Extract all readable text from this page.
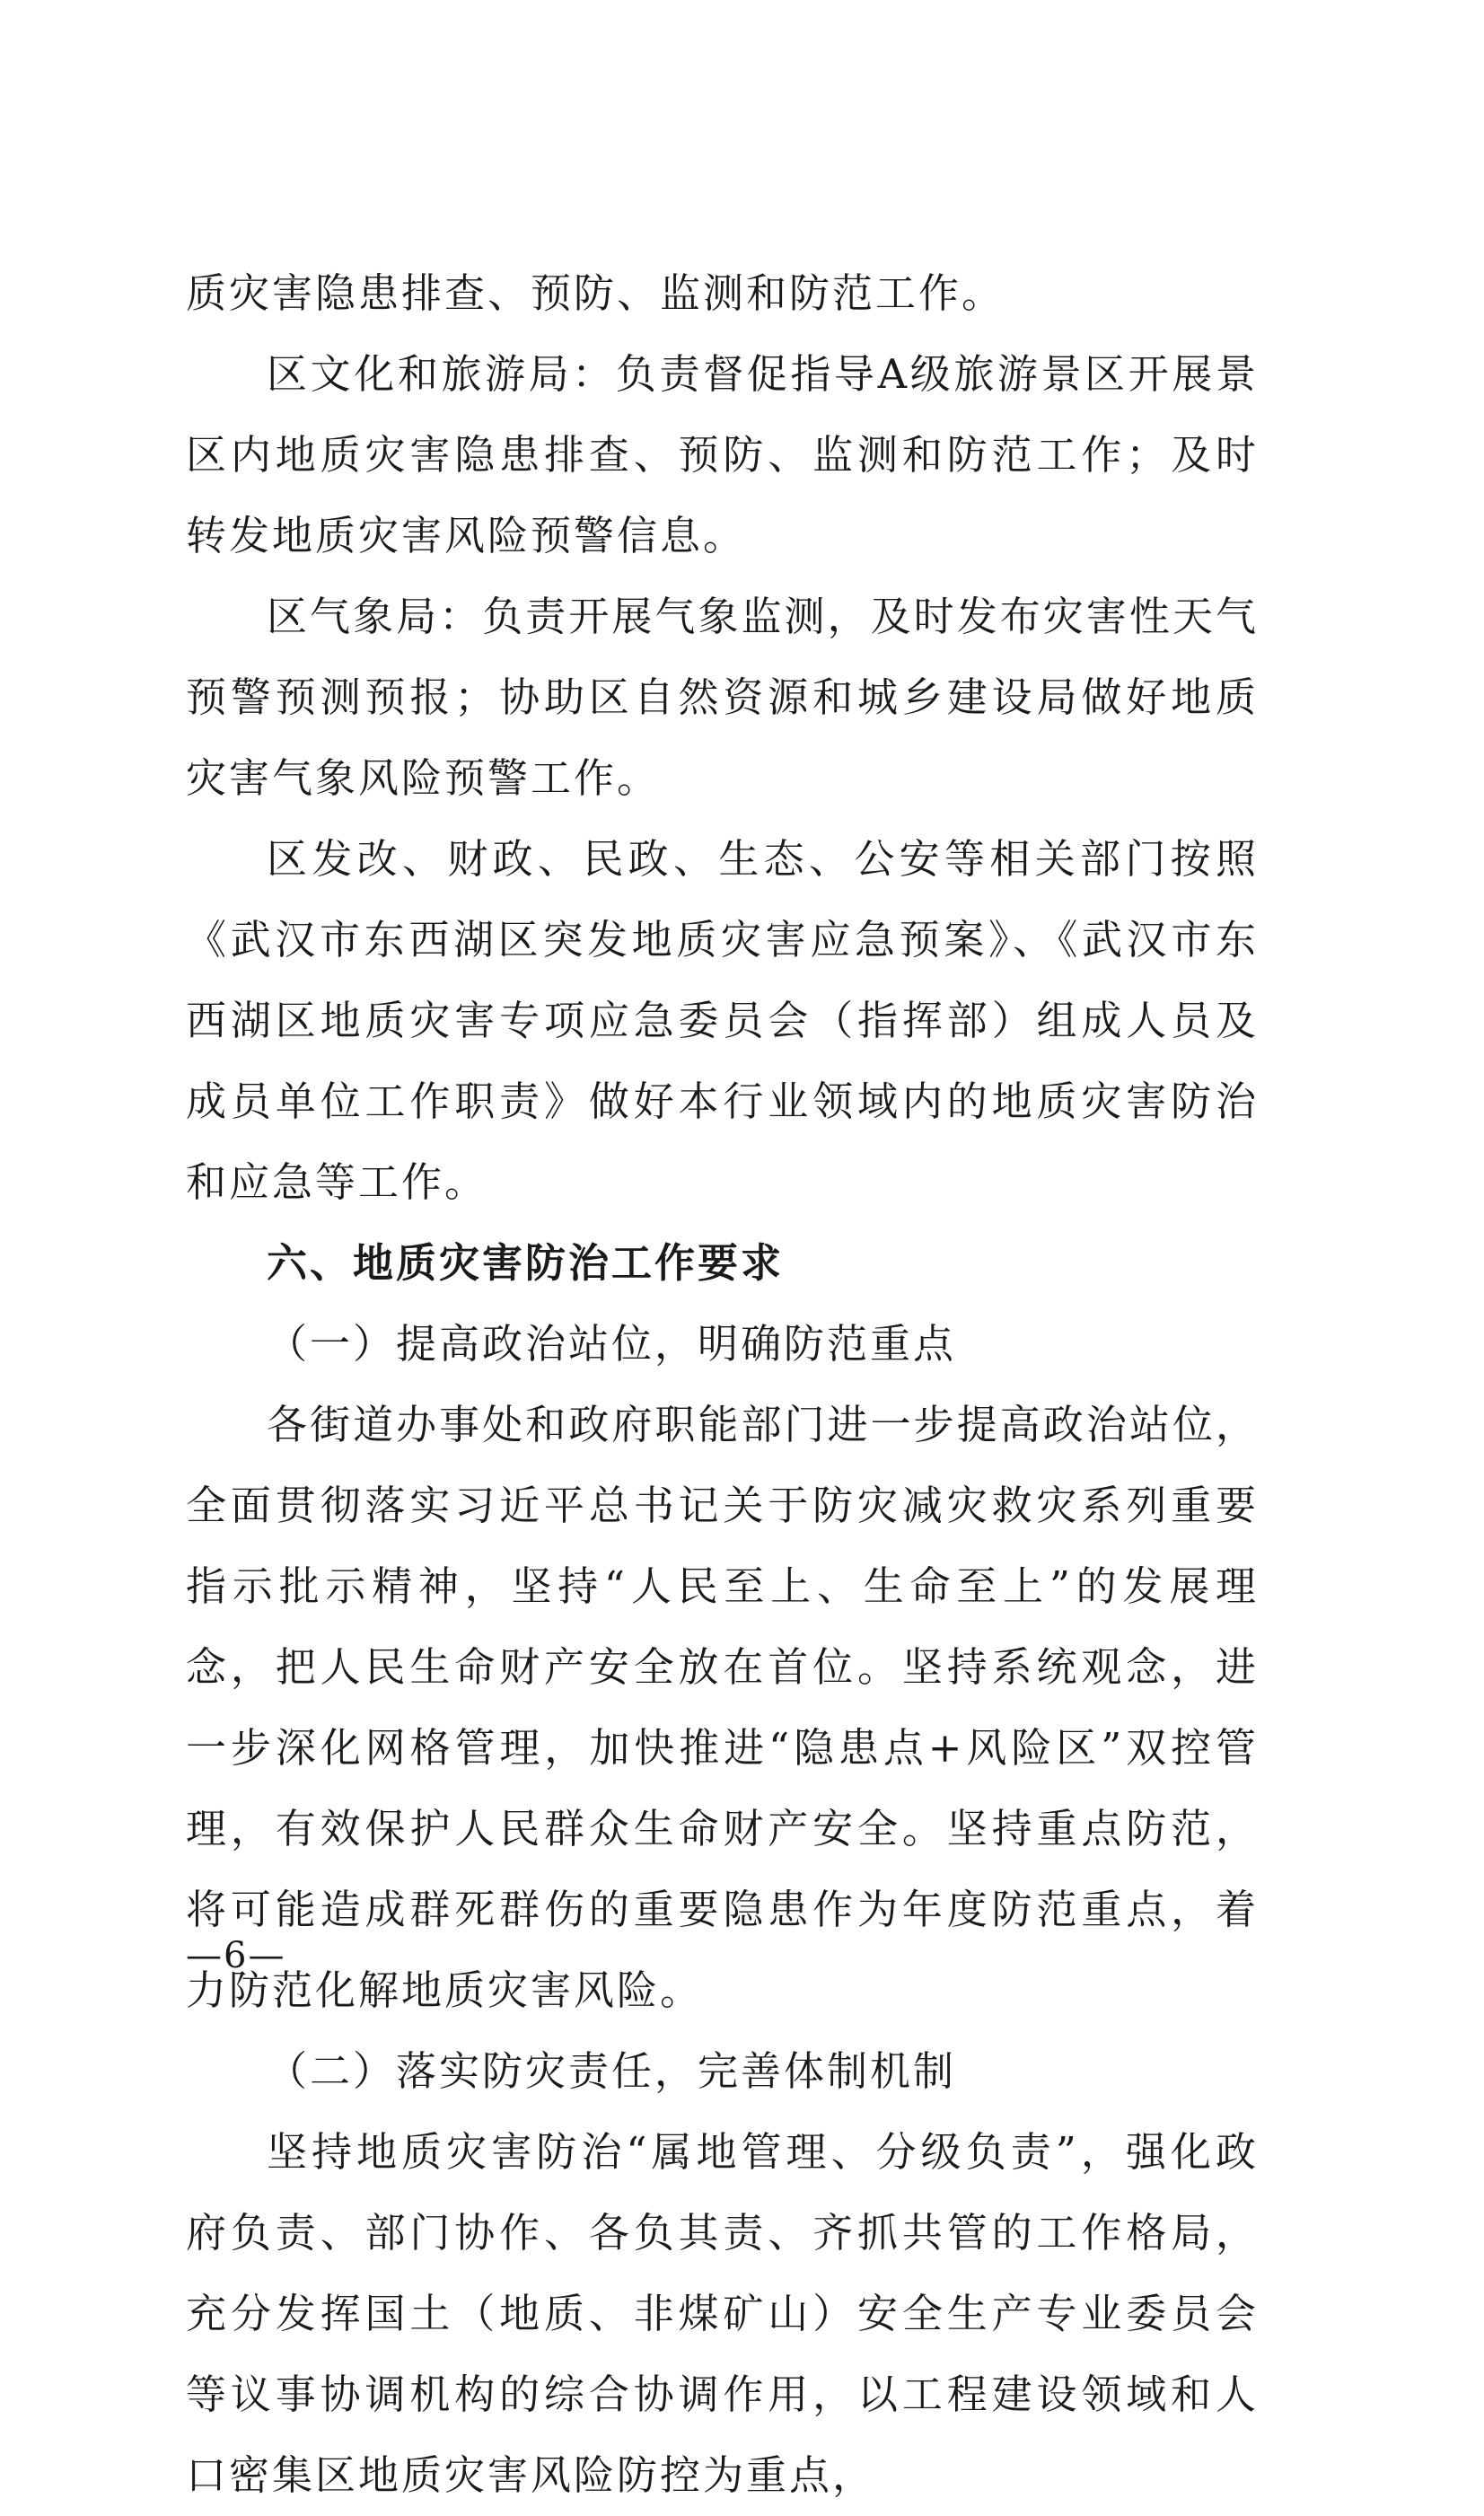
质灾害隐患排查、预防、监测和防范工作。

区文化和旅游局：负责督促指导A级旅游景区开展景区内地质灾害隐患排查、预防、监测和防范工作；及时转发地质灾害风险预警信息。

区气象局：负责开展气象监测，及时发布灾害性天气预警预测预报；协助区自然资源和城乡建设局做好地质灾害气象风险预警工作。

区发改、财政、民政、生态、公安等相关部门按照《武汉市东西湖区突发地质灾害应急预案》、《武汉市东西湖区地质灾害专项应急委员会（指挥部）组成人员及成员单位工作职责》做好本行业领域内的地质灾害防治和应急等工作。

六、地质灾害防治工作要求

（一）提高政治站位，明确防范重点

各街道办事处和政府职能部门进一步提高政治站位，全面贯彻落实习近平总书记关于防灾减灾救灾系列重要指示批示精神，坚持“人民至上、生命至上”的发展理念，把人民生命财产安全放在首位。坚持系统观念，进一步深化网格管理，加快推进“隐患点+风险区”双控管理，有效保护人民群众生命财产安全。坚持重点防范，将可能造成群死群伤的重要隐患作为年度防范重点，着力防范化解地质灾害风险。

（二）落实防灾责任，完善体制机制

坚持地质灾害防治“属地管理、分级负责”，强化政府负责、部门协作、各负其责、齐抓共管的工作格局，充分发挥国土（地质、非煤矿山）安全生产专业委员会等议事协调机构的综合协调作用，以工程建设领域和人口密集区地质灾害风险防控为重点，

—6—
